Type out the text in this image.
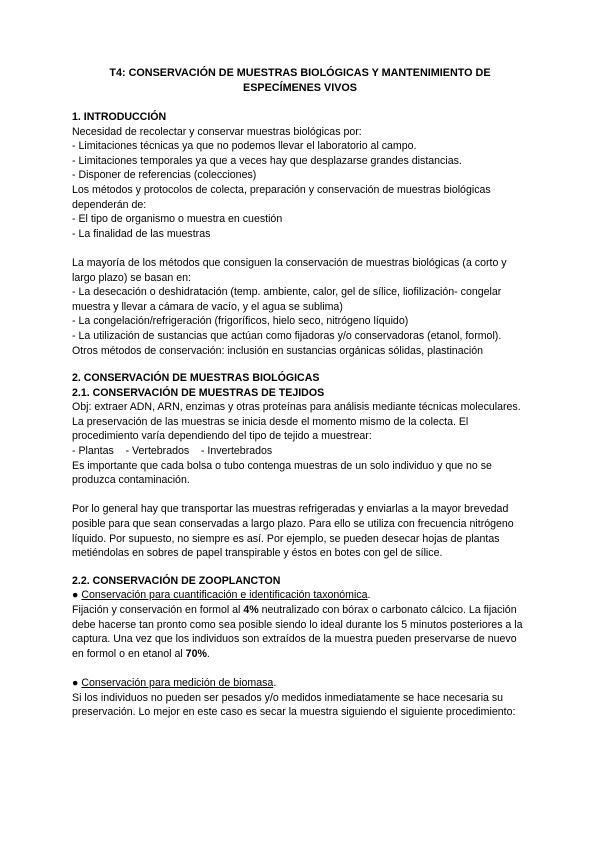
T4: CONSERVACIÓN DE MUESTRAS BIOLÓGICAS Y MANTENIMIENTO DE ESPECÍMENES VIVOS
1. INTRODUCCIÓN

Necesidad de recolectar y conservar muestras biológicas por:

- Limitaciones técnicas ya que no podemos llevar el laboratorio al campo.

- Limitaciones temporales ya que a veces hay que desplazarse grandes distancias.

- Disponer de referencias (colecciones)

Los métodos y protocolos de colecta, preparación y conservación de muestras biológicas dependerán de:

- El tipo de organismo o muestra en cuestión

- La finalidad de las muestras

La mayoría de los métodos que consiguen la conservación de muestras biológicas (a corto y largo plazo) se basan en:

- La desecación o deshidratación (temp. ambiente, calor, gel de sílice, liofilización- congelar muestra y llevar a cámara de vacío, y el agua se sublima)

- La congelación/refrigeración (frigoríficos, hielo seco, nitrógeno líquido)

- La utilización de sustancias que actúan como fijadoras y/o conservadoras (etanol, formol).

Otros métodos de conservación: inclusión en sustancias orgánicas sólidas, plastinación

2. CONSERVACIÓN DE MUESTRAS BIOLÓGICAS
2.1. CONSERVACIÓN DE MUESTRAS DE TEJIDOS

Obj: extraer ADN, ARN, enzimas y otras proteínas para análisis mediante técnicas moleculares.

La preservación de las muestras se inicia desde el momento mismo de la colecta. El procedimiento varía dependiendo del tipo de tejido a muestrear:

- Plantas    - Vertebrados    - Invertebrados

Es importante que cada bolsa o tubo contenga muestras de un solo individuo y que no se produzca contaminación.

Por lo general hay que transportar las muestras refrigeradas y enviarlas a la mayor brevedad posible para que sean conservadas a largo plazo. Para ello se utiliza con frecuencia nitrógeno líquido. Por supuesto, no siempre es así. Por ejemplo, se pueden desecar hojas de plantas metiéndolas en sobres de papel transpirable y éstos en botes con gel de sílice.

2.2. CONSERVACIÓN DE ZOOPLANCTON

● Conservación para cuantificación e identificación taxonómica.

Fijación y conservación en formol al 4% neutralizado con bórax o carbonato cálcico. La fijación debe hacerse tan pronto como sea posible siendo lo ideal durante los 5 minutos posteriores a la captura. Una vez que los individuos son extraídos de la muestra pueden preservarse de nuevo en formol o en etanol al 70%.

● Conservación para medición de biomasa.

Si los individuos no pueden ser pesados y/o medidos inmediatamente se hace necesaria su preservación. Lo mejor en este caso es secar la muestra siguiendo el siguiente procedimiento:
